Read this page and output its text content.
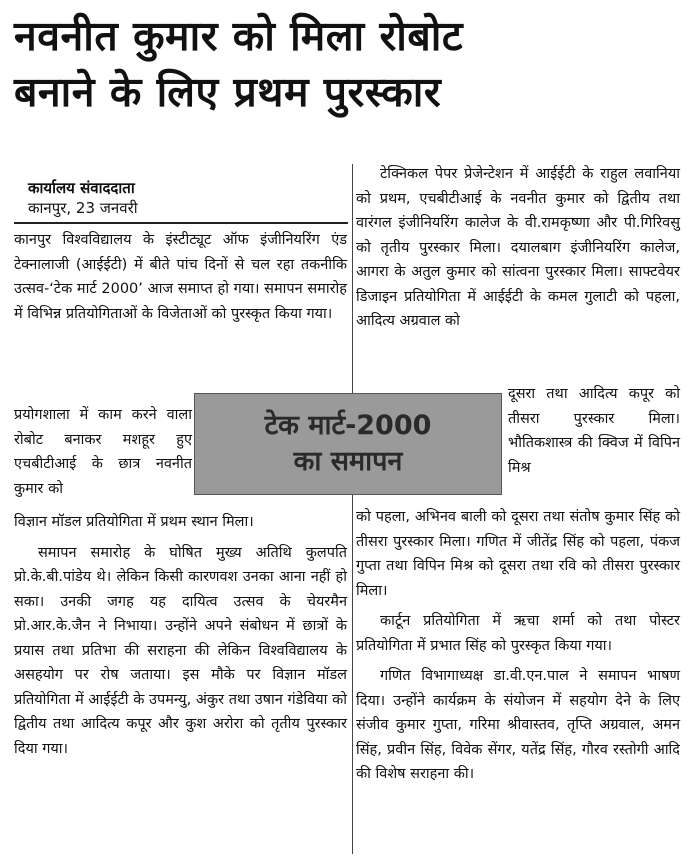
नवनीत कुमार को मिला रोबोट
बनाने के लिए प्रथम पुरस्कार
कार्यालय संवाददाता
कानपुर, 23 जनवरी

कानपुर विश्वविद्यालय के इंस्टीट्यूट ऑफ इंजीनियरिंग एंड टेक्नालाजी (आईईटी) में बीते पांच दिनों से चल रहा तकनीकि उत्सव-‘टेक मार्ट 2000’ आज समाप्त हो गया। समापन समारोह में विभिन्न प्रतियोगिताओं के विजेताओं को पुरस्कृत किया गया।

प्रयोगशाला में काम करने वाला रोबोट बनाकर मशहूर हुए एचबीटीआई के छात्र नवनीत कुमार को

टेक मार्ट-2000
का समापन

विज्ञान मॉडल प्रतियोगिता में प्रथम स्थान मिला।

समापन समारोह के घोषित मुख्य अतिथि कुलपति प्रो.के.बी.पांडेय थे। लेकिन किसी कारणवश उनका आना नहीं हो सका। उनकी जगह यह दायित्व उत्सव के चेयरमैन प्रो.आर.के.जैन ने निभाया। उन्होंने अपने संबोधन में छात्रों के प्रयास तथा प्रतिभा की सराहना की लेकिन विश्वविद्यालय के असहयोग पर रोष जताया। इस मौके पर विज्ञान मॉडल प्रतियोगिता में आईईटी के उपमन्यु, अंकुर तथा उषान गंडेविया को द्वितीय तथा आदित्य कपूर और कुश अरोरा को तृतीय पुरस्कार दिया गया।

टेक्निकल पेपर प्रेजेन्टेशन में आईईटी के राहुल लवानिया को प्रथम, एचबीटीआई के नवनीत कुमार को द्वितीय तथा वारंगल इंजीनियरिंग कालेज के वी.रामकृष्णा और पी.गिरिवसु को तृतीय पुरस्कार मिला। दयालबाग इंजीनियरिंग कालेज, आगरा के अतुल कुमार को सांत्वना पुरस्कार मिला। साफ्टवेयर डिजाइन प्रतियोगिता में आईईटी के कमल गुलाटी को पहला, आदित्य अग्रवाल को

दूसरा तथा आदित्य कपूर को तीसरा पुरस्कार मिला। भौतिकशास्त्र की क्विज में विपिन मिश्र

को पहला, अभिनव बाली को दूसरा तथा संतोष कुमार सिंह को तीसरा पुरस्कार मिला। गणित में जीतेंद्र सिंह को पहला, पंकज गुप्ता तथा विपिन मिश्र को दूसरा तथा रवि को तीसरा पुरस्कार मिला।

कार्टून प्रतियोगिता में ऋचा शर्मा को तथा पोस्टर प्रतियोगिता में प्रभात सिंह को पुरस्कृत किया गया।

गणित विभागाध्यक्ष डा.वी.एन.पाल ने समापन भाषण दिया। उन्होंने कार्यक्रम के संयोजन में सहयोग देने के लिए संजीव कुमार गुप्ता, गरिमा श्रीवास्तव, तृप्ति अग्रवाल, अमन सिंह, प्रवीन सिंह, विवेक सेंगर, यतेंद्र सिंह, गौरव रस्तोगी आदि की विशेष सराहना की।
